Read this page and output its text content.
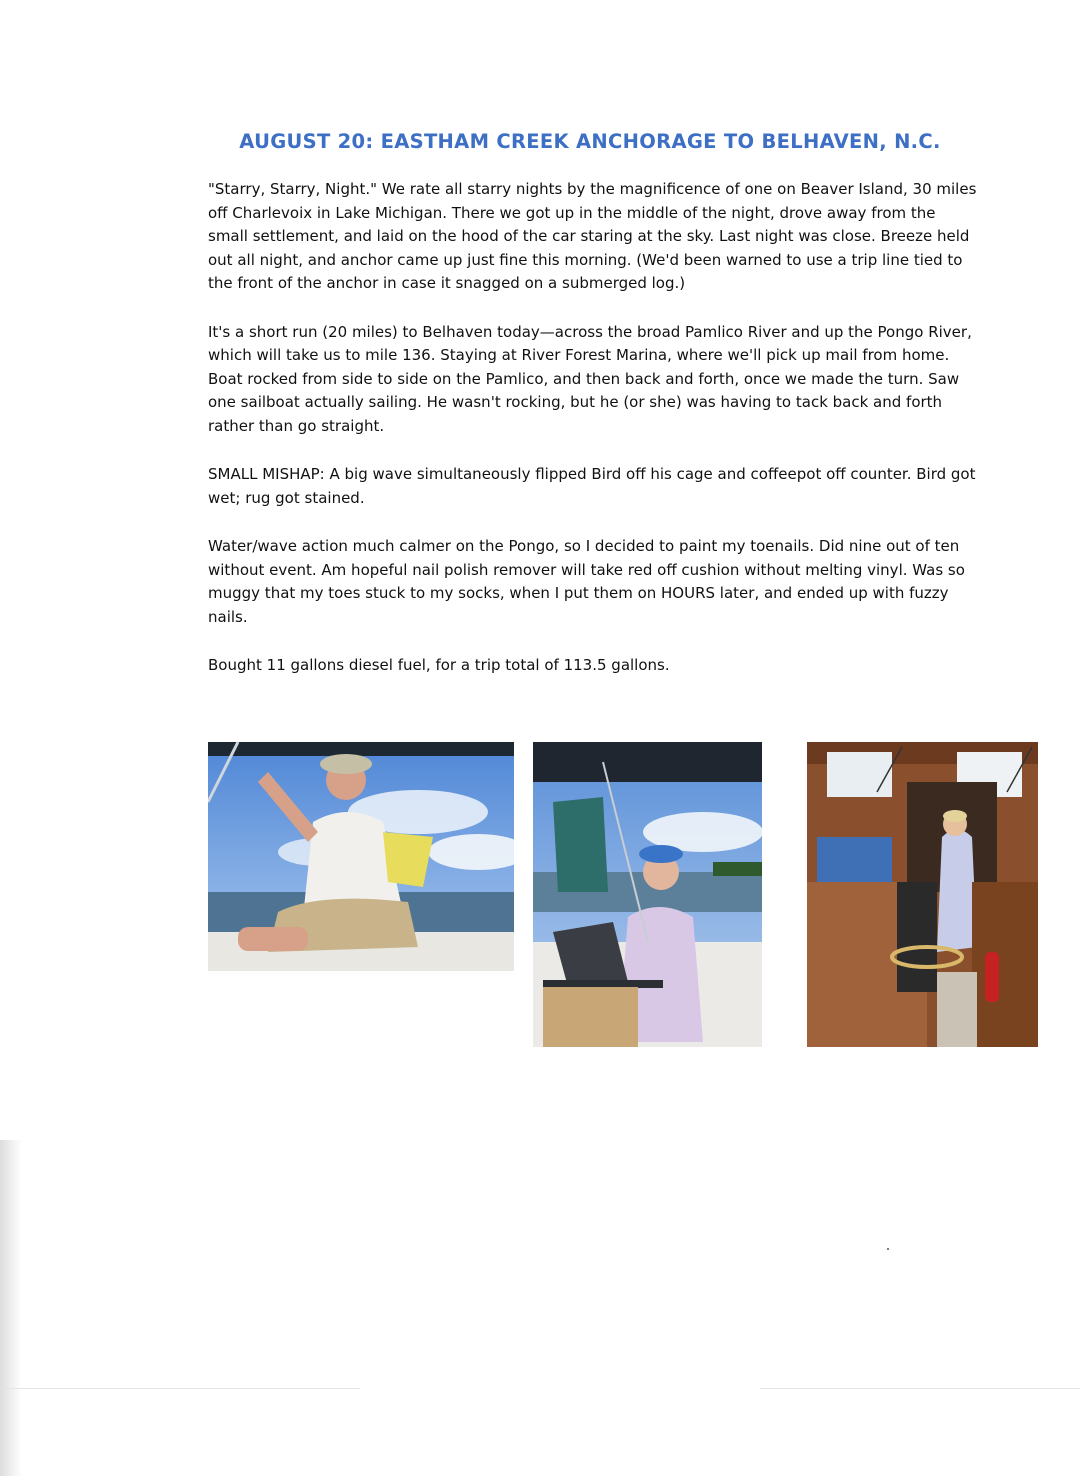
AUGUST 20: EASTHAM CREEK ANCHORAGE TO BELHAVEN, N.C.

"Starry, Starry, Night." We rate all starry nights by the magnificence of one on Beaver Island, 30 miles off Charlevoix in Lake Michigan. There we got up in the middle of the night, drove away from the small settlement, and laid on the hood of the car staring at the sky. Last night was close. Breeze held out all night, and anchor came up just fine this morning. (We'd been warned to use a trip line tied to the front of the anchor in case it snagged on a submerged log.)

It's a short run (20 miles) to Belhaven today—across the broad Pamlico River and up the Pongo River, which will take us to mile 136. Staying at River Forest Marina, where we'll pick up mail from home. Boat rocked from side to side on the Pamlico, and then back and forth, once we made the turn. Saw one sailboat actually sailing. He wasn't rocking, but he (or she) was having to tack back and forth rather than go straight.

SMALL MISHAP: A big wave simultaneously flipped Bird off his cage and coffeepot off counter. Bird got wet; rug got stained.

Water/wave action much calmer on the Pongo, so I decided to paint my toenails. Did nine out of ten without event. Am hopeful nail polish remover will take red off cushion without melting vinyl. Was so muggy that my toes stuck to my socks, when I put them on HOURS later, and ended up with fuzzy nails.

Bought 11 gallons diesel fuel, for a trip total of 113.5 gallons.
